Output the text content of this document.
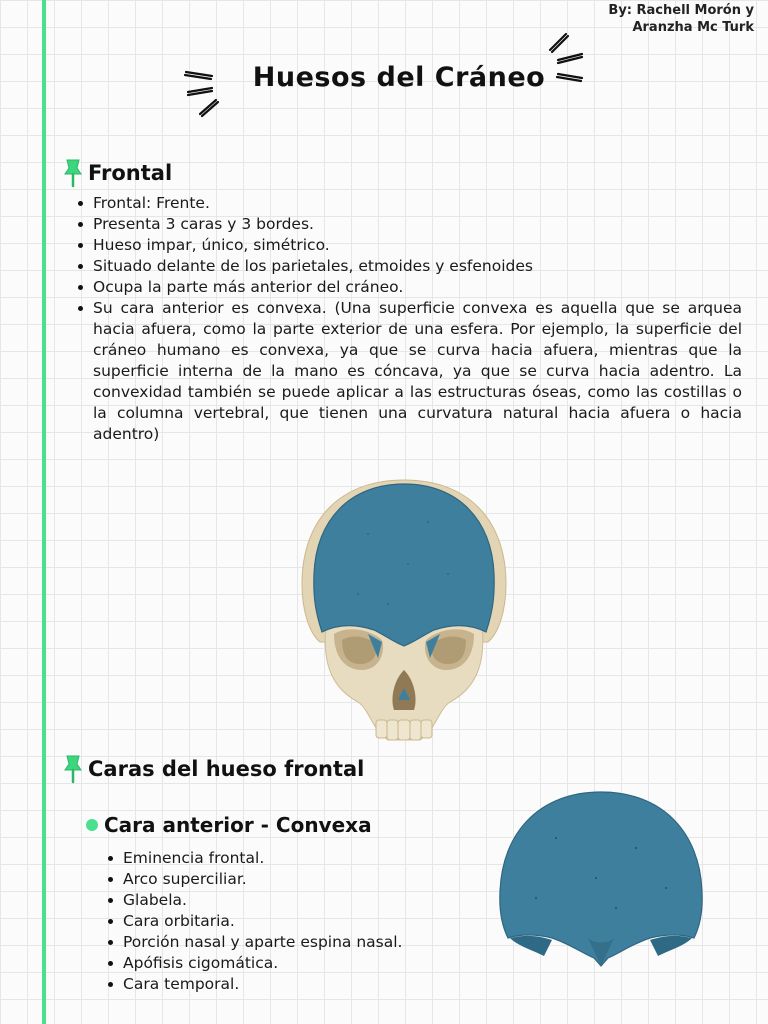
By: Rachell Morón y
Aranzha Mc Turk
Huesos del Cráneo
Frontal
Frontal: Frente.
Presenta 3 caras y 3 bordes.
Hueso impar, único, simétrico.
Situado delante de los parietales, etmoides y esfenoides
Ocupa la parte más anterior del cráneo.
Su cara anterior es convexa. (Una superficie convexa es aquella que se arquea hacia afuera, como la parte exterior de una esfera. Por ejemplo, la superficie del cráneo humano es convexa, ya que se curva hacia afuera, mientras que la superficie interna de la mano es cóncava, ya que se curva hacia adentro. La convexidad también se puede aplicar a las estructuras óseas, como las costillas o la columna vertebral, que tienen una curvatura natural hacia afuera o hacia adentro)
Caras del hueso frontal
Cara anterior - Convexa
Eminencia frontal.
Arco superciliar.
Glabela.
Cara orbitaria.
Porción nasal y aparte espina nasal.
Apófisis cigomática.
Cara temporal.
